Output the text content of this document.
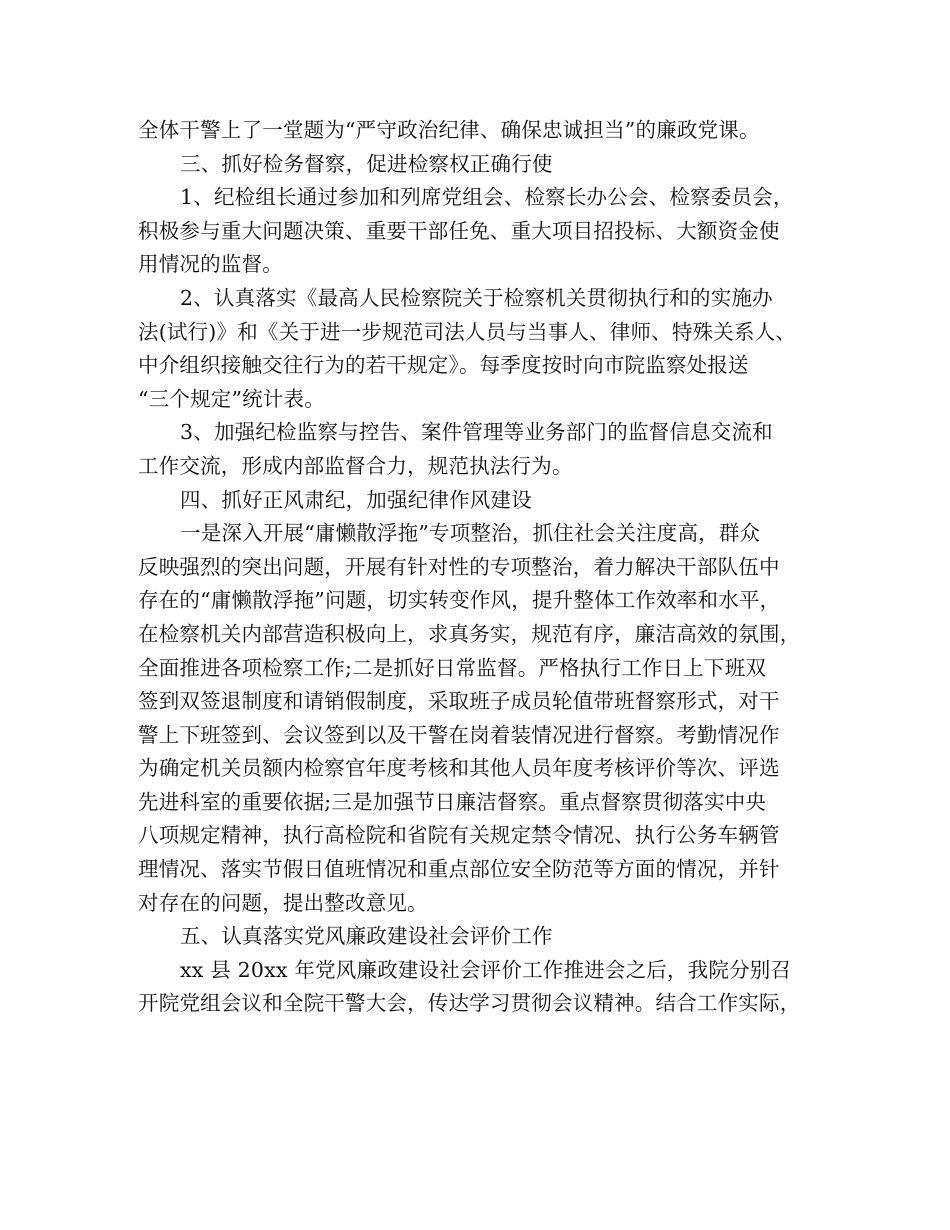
全体干警上了一堂题为“严守政治纪律、确保忠诚担当”的廉政党课。
三、抓好检务督察，促进检察权正确行使
1、纪检组长通过参加和列席党组会、检察长办公会、检察委员会，
积极参与重大问题决策、重要干部任免、重大项目招投标、大额资金使
用情况的监督。
2、认真落实《最高人民检察院关于检察机关贯彻执行和的实施办
法(试行)》和《关于进一步规范司法人员与当事人、律师、特殊关系人、
中介组织接触交往行为的若干规定》。每季度按时向市院监察处报送
“三个规定”统计表。
3、加强纪检监察与控告、案件管理等业务部门的监督信息交流和
工作交流，形成内部监督合力，规范执法行为。
四、抓好正风肃纪，加强纪律作风建设
一是深入开展“庸懒散浮拖”专项整治，抓住社会关注度高，群众
反映强烈的突出问题，开展有针对性的专项整治，着力解决干部队伍中
存在的“庸懒散浮拖”问题，切实转变作风，提升整体工作效率和水平，
在检察机关内部营造积极向上，求真务实，规范有序，廉洁高效的氛围，
全面推进各项检察工作;二是抓好日常监督。严格执行工作日上下班双
签到双签退制度和请销假制度，采取班子成员轮值带班督察形式，对干
警上下班签到、会议签到以及干警在岗着装情况进行督察。考勤情况作
为确定机关员额内检察官年度考核和其他人员年度考核评价等次、评选
先进科室的重要依据;三是加强节日廉洁督察。重点督察贯彻落实中央
八项规定精神，执行高检院和省院有关规定禁令情况、执行公务车辆管
理情况、落实节假日值班情况和重点部位安全防范等方面的情况，并针
对存在的问题，提出整改意见。
五、认真落实党风廉政建设社会评价工作
xx 县 20xx 年党风廉政建设社会评价工作推进会之后，我院分别召
开院党组会议和全院干警大会，传达学习贯彻会议精神。结合工作实际，
